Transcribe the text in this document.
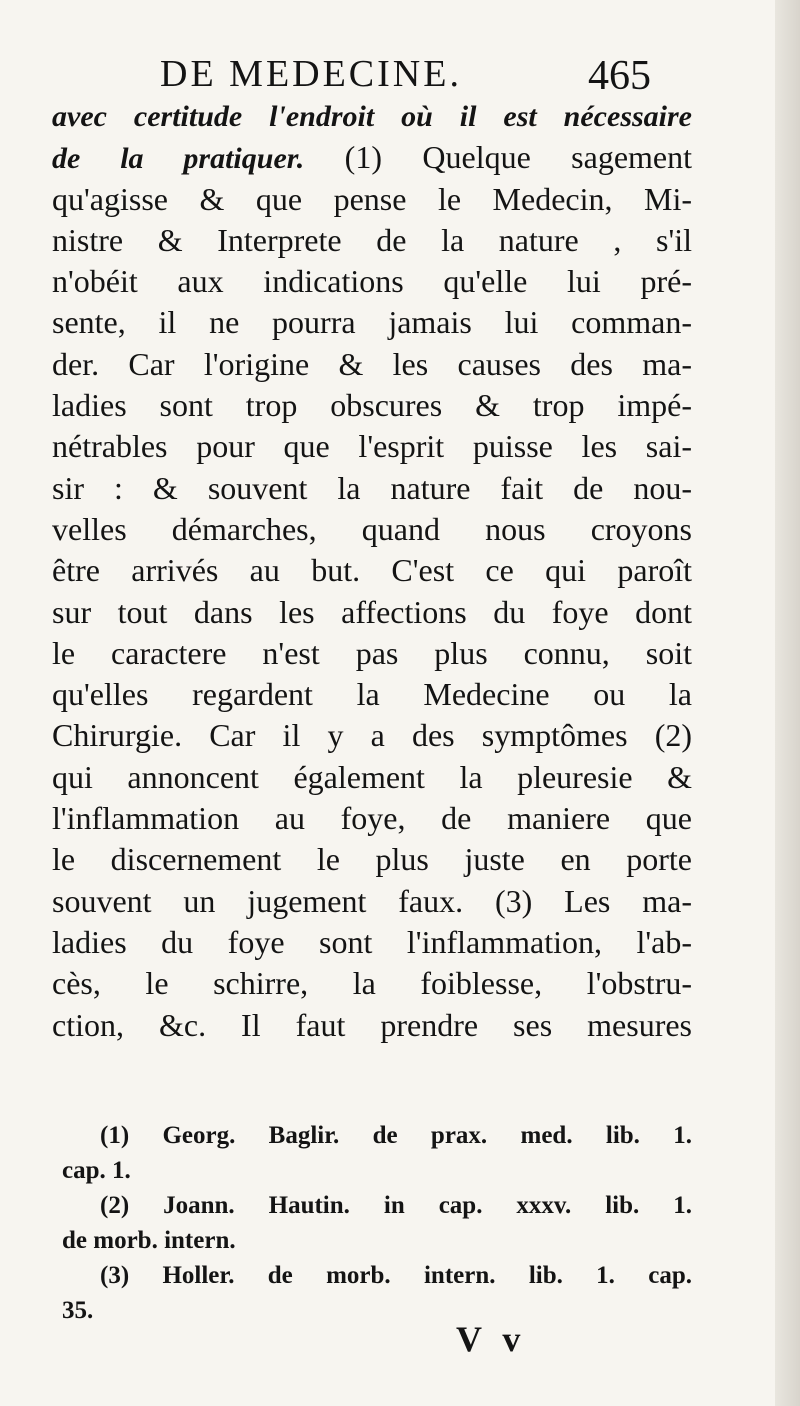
DE MEDECINE.	465
avec certitude l'endroit où il est nécessaire
de la pratiquer. (1) Quelque sagement
qu'agisse & que pense le Medecin, Mi-
nistre & Interprete de la nature , s'il
n'obéit aux indications qu'elle lui pré-
sente, il ne pourra jamais lui comman-
der. Car l'origine & les causes des ma-
ladies sont trop obscures & trop impé-
nétrables pour que l'esprit puisse les sai-
sir : & souvent la nature fait de nou-
velles démarches, quand nous croyons
être arrivés au but. C'est ce qui paroît
sur tout dans les affections du foye dont
le caractere n'est pas plus connu, soit
qu'elles regardent la Medecine ou la
Chirurgie. Car il y a des symptômes (2)
qui annoncent également la pleuresie &
l'inflammation au foye, de maniere que
le discernement le plus juste en porte
souvent un jugement faux. (3) Les ma-
ladies du foye sont l'inflammation, l'ab-
cès, le schirre, la foiblesse, l'obstru-
ction, &c. Il faut prendre ses mesures
(1) Georg. Baglir. de prax. med. lib. 1.
cap. 1.
(2) Joann. Hautin. in cap. xxxv. lib. 1.
de morb. intern.
(3) Holler. de morb. intern. lib. 1. cap.
35.
V v
